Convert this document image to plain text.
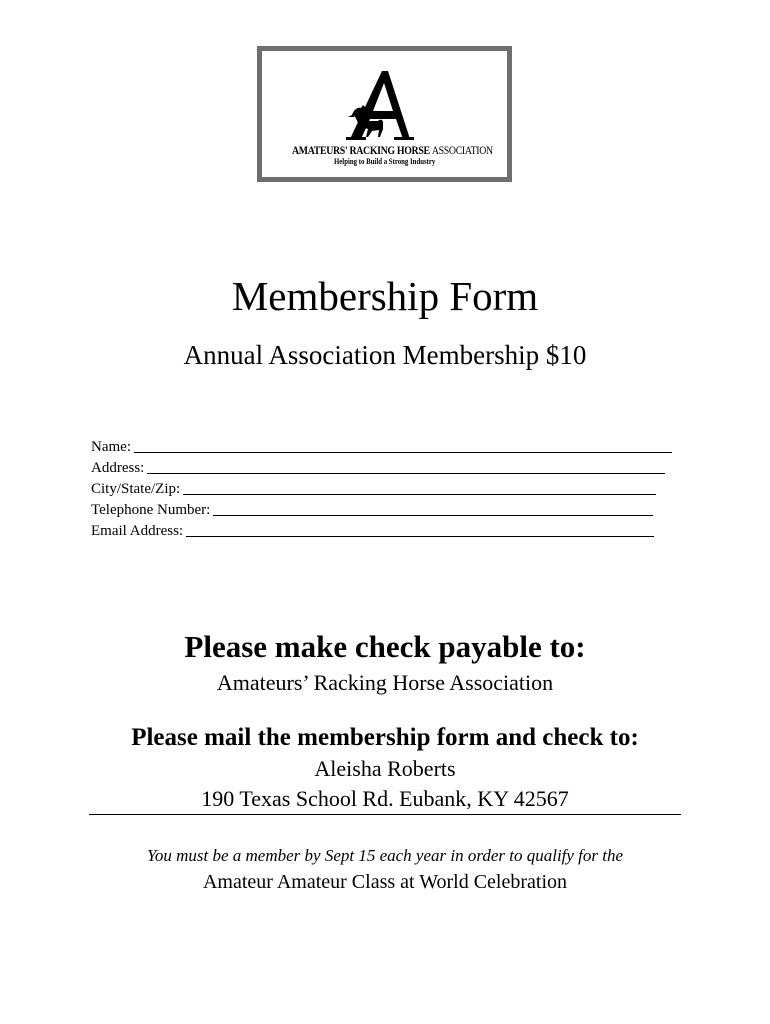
AMATEURS' RACKING HORSE ASSOCIATION
Helping to Build a Strong Industry
Membership Form
Annual Association Membership $10
Name:
Address:
City/State/Zip:
Telephone Number:
Email Address:
Please make check payable to:
Amateurs’ Racking Horse Association
Please mail the membership form and check to:
Aleisha Roberts
190 Texas School Rd. Eubank, KY 42567
You must be a member by Sept 15 each year in order to qualify for the
Amateur Amateur Class at World Celebration
